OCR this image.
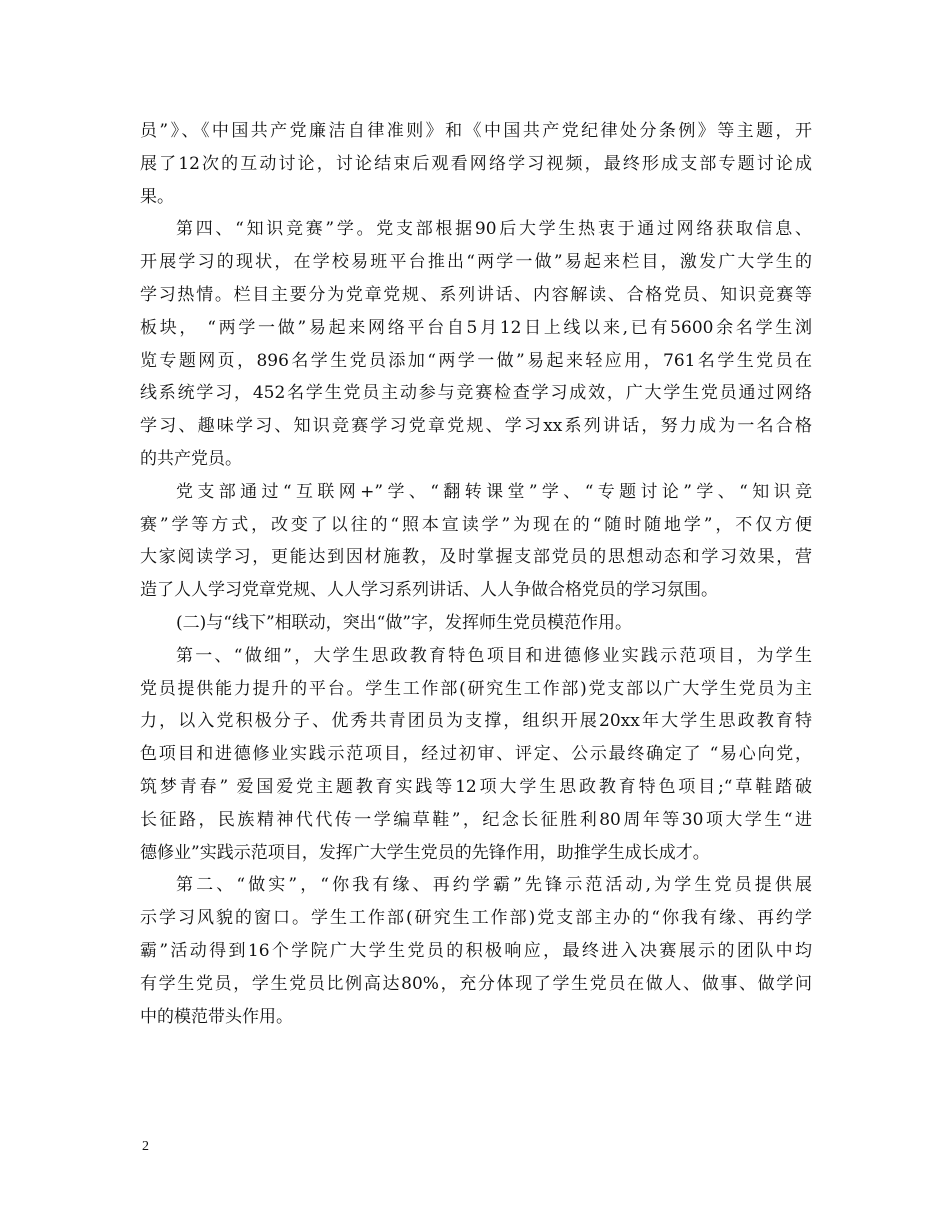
员”》、《中国共产党廉洁自律准则》和《中国共产党纪律处分条例》等主题，开
展了12次的互动讨论，讨论结束后观看网络学习视频，最终形成支部专题讨论成
果。
第四、“知识竞赛”学。党支部根据90后大学生热衷于通过网络获取信息、
开展学习的现状，在学校易班平台推出“两学一做”易起来栏目，激发广大学生的
学习热情。栏目主要分为党章党规、系列讲话、内容解读、合格党员、知识竞赛等
板块， “两学一做”易起来网络平台自5月12日上线以来,已有5600余名学生浏
览专题网页，896名学生党员添加“两学一做”易起来轻应用，761名学生党员在
线系统学习，452名学生党员主动参与竞赛检查学习成效，广大学生党员通过网络
学习、趣味学习、知识竞赛学习党章党规、学习xx系列讲话，努力成为一名合格
的共产党员。
党支部通过“互联网+”学、“翻转课堂”学、“专题讨论”学、“知识竞
赛”学等方式，改变了以往的“照本宣读学”为现在的“随时随地学”，不仅方便
大家阅读学习，更能达到因材施教，及时掌握支部党员的思想动态和学习效果，营
造了人人学习党章党规、人人学习系列讲话、人人争做合格党员的学习氛围。
(二)与“线下”相联动，突出“做”字，发挥师生党员模范作用。
第一、“做细”，大学生思政教育特色项目和进德修业实践示范项目，为学生
党员提供能力提升的平台。学生工作部(研究生工作部)党支部以广大学生党员为主
力，以入党积极分子、优秀共青团员为支撑，组织开展20xx年大学生思政教育特
色项目和进德修业实践示范项目，经过初审、评定、公示最终确定了 “易心向党，
筑梦青春” 爱国爱党主题教育实践等12项大学生思政教育特色项目;“草鞋踏破
长征路，民族精神代代传一学编草鞋”，纪念长征胜利80周年等30项大学生“进
德修业”实践示范项目，发挥广大学生党员的先锋作用，助推学生成长成才。
第二、“做实”，“你我有缘、再约学霸”先锋示范活动,为学生党员提供展
示学习风貌的窗口。学生工作部(研究生工作部)党支部主办的“你我有缘、再约学
霸”活动得到16个学院广大学生党员的积极响应，最终进入决赛展示的团队中均
有学生党员，学生党员比例高达80%，充分体现了学生党员在做人、做事、做学问
中的模范带头作用。
2
